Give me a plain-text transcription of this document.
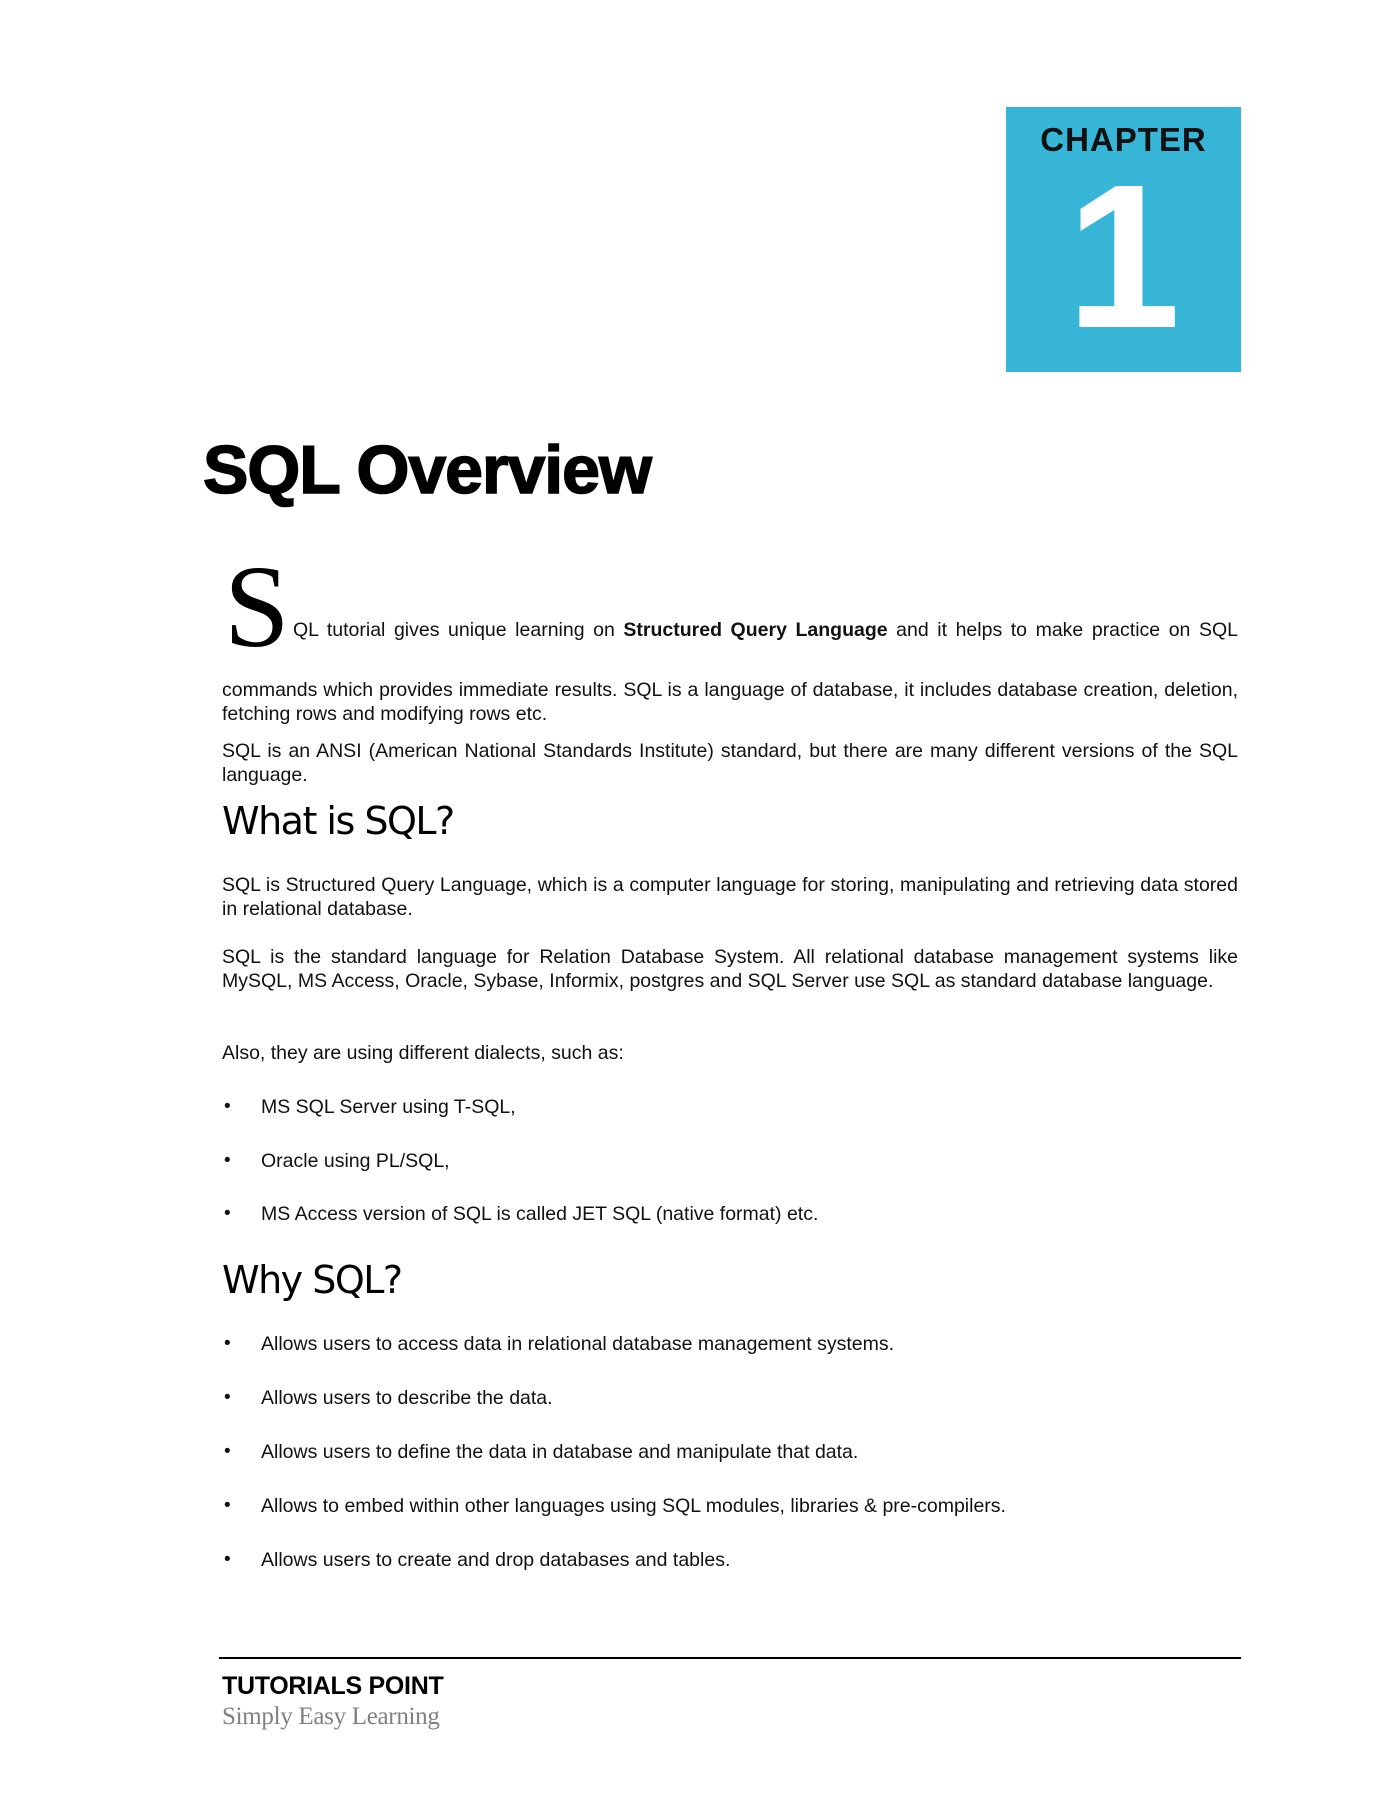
CHAPTER
1
SQL Overview
S QL tutorial gives unique learning on Structured Query Language and it helps to make practice on SQL

commands which provides immediate results. SQL is a language of database, it includes database creation, deletion, fetching rows and modifying rows etc.

SQL is an ANSI (American National Standards Institute) standard, but there are many different versions of the SQL language.

What is SQL?

SQL is Structured Query Language, which is a computer language for storing, manipulating and retrieving data stored in relational database.

SQL is the standard language for Relation Database System. All relational database management systems like MySQL, MS Access, Oracle, Sybase, Informix, postgres and SQL Server use SQL as standard database language.

Also, they are using different dialects, such as:

• MS SQL Server using T-SQL,
• Oracle using PL/SQL,
• MS Access version of SQL is called JET SQL (native format) etc.
Why SQL?
• Allows users to access data in relational database management systems.
• Allows users to describe the data.
• Allows users to define the data in database and manipulate that data.
• Allows to embed within other languages using SQL modules, libraries & pre-compilers.
• Allows users to create and drop databases and tables.
TUTORIALS POINT
Simply Easy Learning
